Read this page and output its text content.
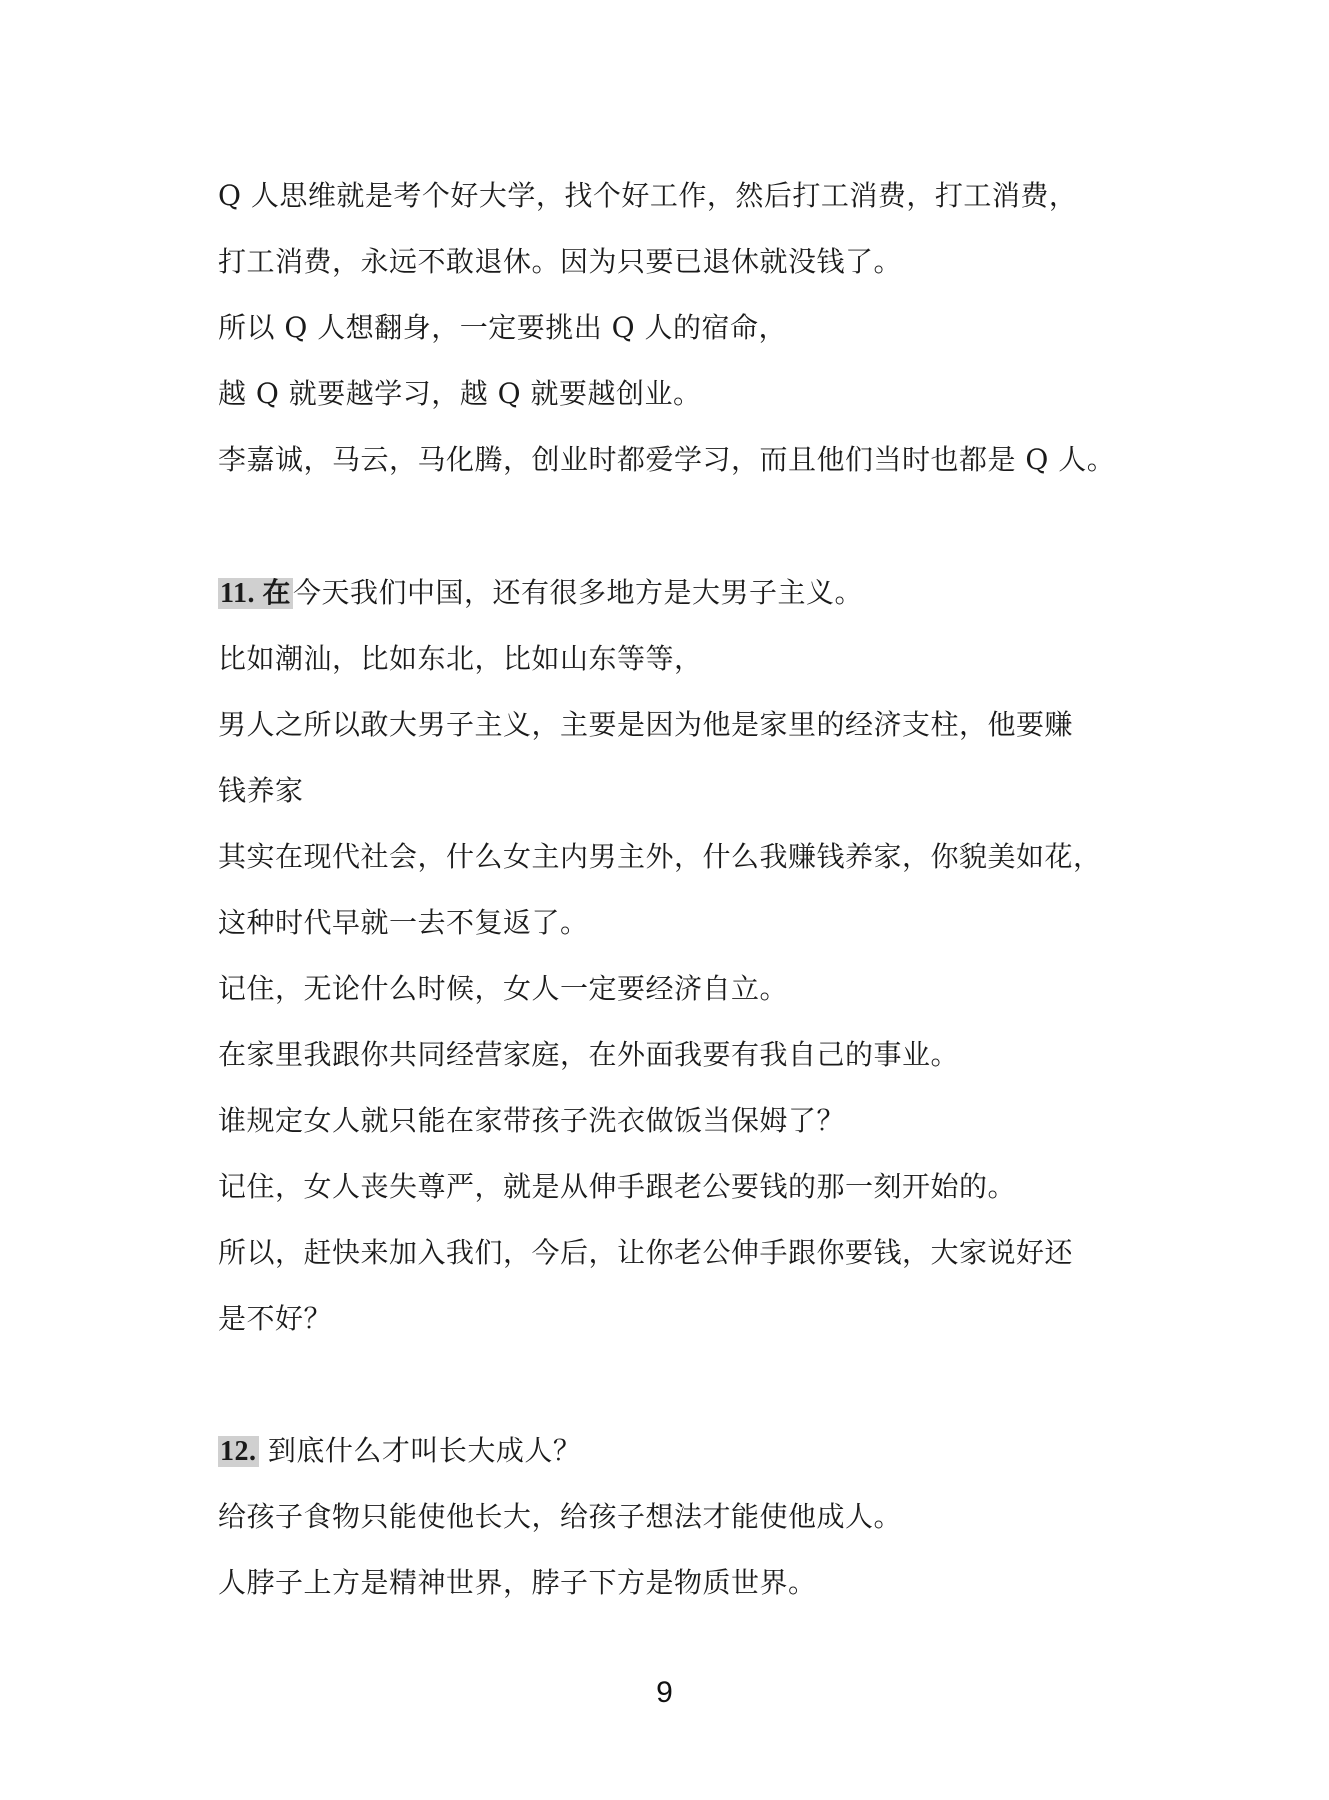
Q 人思维就是考个好大学，找个好工作，然后打工消费，打工消费，
打工消费，永远不敢退休。因为只要已退休就没钱了。
所以 Q 人想翻身，一定要挑出 Q 人的宿命，
越 Q 就要越学习，越 Q 就要越创业。
李嘉诚，马云，马化腾，创业时都爱学习，而且他们当时也都是 Q 人。
11. 在今天我们中国，还有很多地方是大男子主义。
比如潮汕，比如东北，比如山东等等，
男人之所以敢大男子主义，主要是因为他是家里的经济支柱，他要赚
钱养家
其实在现代社会，什么女主内男主外，什么我赚钱养家，你貌美如花，
这种时代早就一去不复返了。
记住，无论什么时候，女人一定要经济自立。
在家里我跟你共同经营家庭，在外面我要有我自己的事业。
谁规定女人就只能在家带孩子洗衣做饭当保姆了？
记住，女人丧失尊严，就是从伸手跟老公要钱的那一刻开始的。
所以，赶快来加入我们，今后，让你老公伸手跟你要钱，大家说好还
是不好？
12. 到底什么才叫长大成人？
给孩子食物只能使他长大，给孩子想法才能使他成人。
人脖子上方是精神世界，脖子下方是物质世界。
9
